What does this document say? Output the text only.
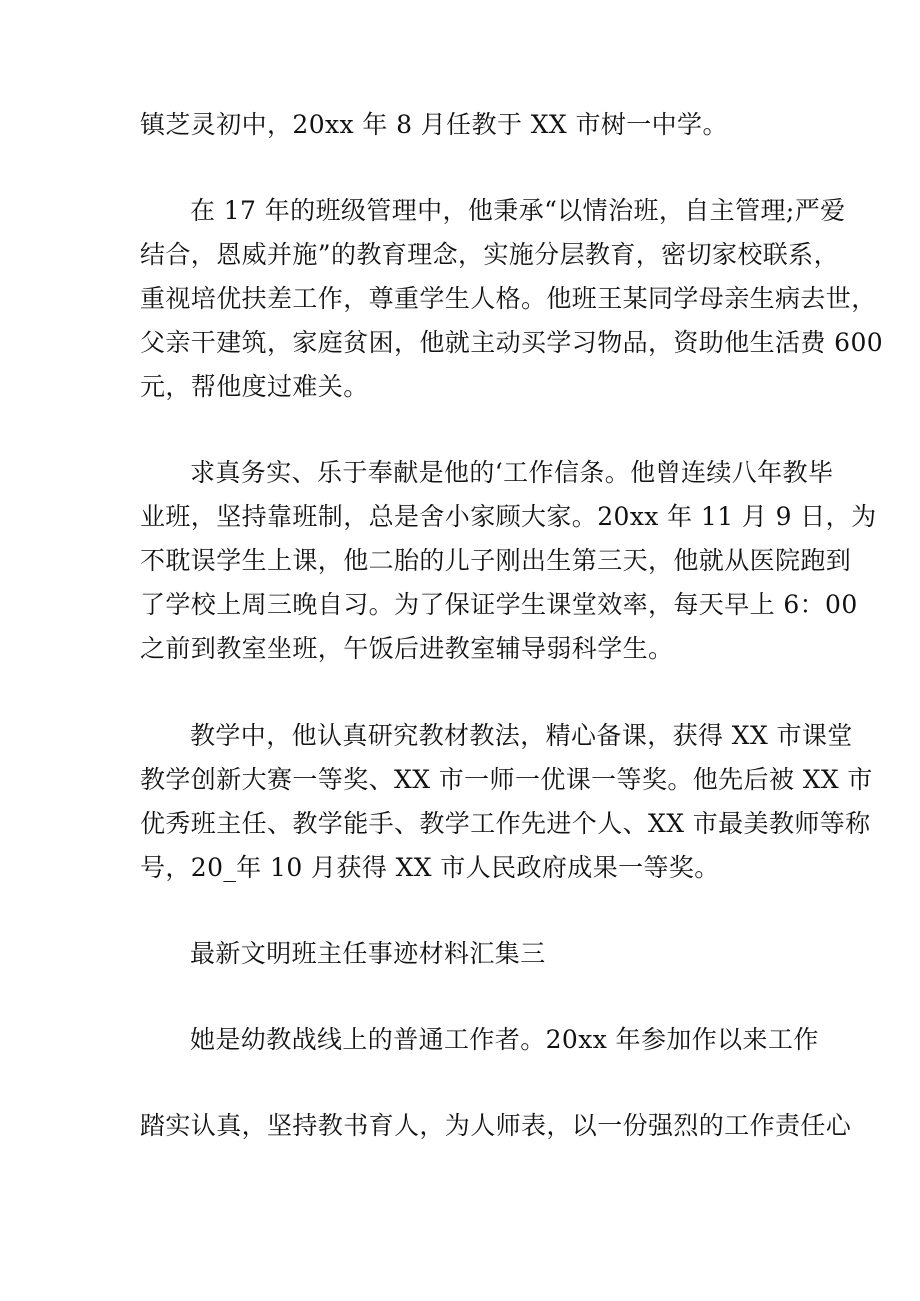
镇芝灵初中，20xx 年 8 月任教于 XX 市树一中学。
在 17 年的班级管理中，他秉承“以情治班，自主管理;严爱
结合，恩威并施”的教育理念，实施分层教育，密切家校联系，
重视培优扶差工作，尊重学生人格。他班王某同学母亲生病去世，
父亲干建筑，家庭贫困，他就主动买学习物品，资助他生活费 600
元，帮他度过难关。
求真务实、乐于奉献是他的‘工作信条。他曾连续八年教毕
业班，坚持靠班制，总是舍小家顾大家。20xx 年 11 月 9 日，为
不耽误学生上课，他二胎的儿子刚出生第三天，他就从医院跑到
了学校上周三晚自习。为了保证学生课堂效率，每天早上 6：00
之前到教室坐班，午饭后进教室辅导弱科学生。
教学中，他认真研究教材教法，精心备课，获得 XX 市课堂
教学创新大赛一等奖、XX 市一师一优课一等奖。他先后被 XX 市
优秀班主任、教学能手、教学工作先进个人、XX 市最美教师等称
号，20_年 10 月获得 XX 市人民政府成果一等奖。
最新文明班主任事迹材料汇集三
她是幼教战线上的普通工作者。20xx 年参加作以来工作
踏实认真，坚持教书育人，为人师表，以一份强烈的工作责任心
